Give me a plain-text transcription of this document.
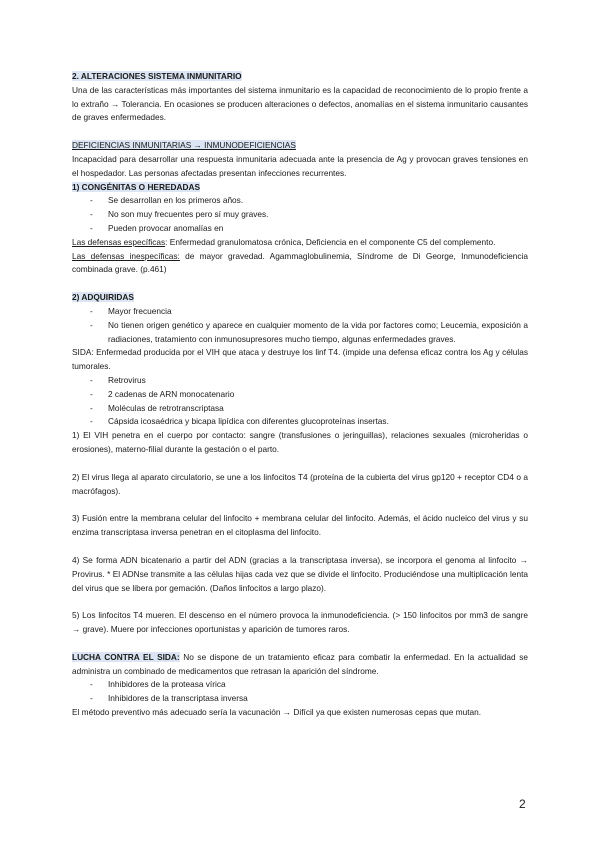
2. ALTERACIONES SISTEMA INMUNITARIO

Una de las características más importantes del sistema inmunitario es la capacidad de reconocimiento de lo propio frente a lo extraño → Tolerancia. En ocasiones se producen alteraciones o defectos, anomalías en el sistema inmunitario causantes de graves enfermedades.

DEFICIENCIAS INMUNITARIAS → INMUNODEFICIENCIAS

Incapacidad para desarrollar una respuesta inmunitaria adecuada ante la presencia de Ag y provocan graves tensiones en el hospedador. Las personas afectadas presentan infecciones recurrentes.

1) CONGÉNITAS O HEREDADAS

- Se desarrollan en los primeros años.
- No son muy frecuentes pero sí muy graves.
- Pueden provocar anomalías en

Las defensas específicas: Enfermedad granulomatosa crónica, Deficiencia en el componente C5 del complemento.

Las defensas inespecíficas: de mayor gravedad. Agammaglobulinemia, Síndrome de Di George, Inmunodeficiencia combinada grave. (p.461)

2) ADQUIRIDAS

- Mayor frecuencia
- No tienen origen genético y aparece en cualquier momento de la vida por factores como; Leucemia, exposición a radiaciones, tratamiento con inmunosupresores mucho tiempo, algunas enfermedades graves.

SIDA: Enfermedad producida por el VIH que ataca y destruye los linf T4. (impide una defensa eficaz contra los Ag y células tumorales.

- Retrovirus
- 2 cadenas de ARN monocatenario
- Moléculas de retrotranscriptasa
- Cápsida icosaédrica y bicapa lipídica con diferentes glucoproteínas insertas.

1) El VIH penetra en el cuerpo por contacto: sangre (transfusiones o jeringuillas), relaciones sexuales (microheridas o erosiones), materno-filial durante la gestación o el parto.

2) El virus llega al aparato circulatorio, se une a los linfocitos T4 (proteína de la cubierta del virus gp120 + receptor CD4 o a macrófagos).

3) Fusión entre la membrana celular del linfocito + membrana celular del linfocito. Además, el ácido nucleico del virus y su enzima transcriptasa inversa penetran en el citoplasma del linfocito.

4) Se forma ADN bicatenario a partir del ADN (gracias a la transcriptasa inversa), se incorpora el genoma al linfocito → Provirus. * El ADNse transmite a las células hijas cada vez que se divide el linfocito. Produciéndose una multiplicación lenta del virus que se libera por gemación. (Daños linfocitos a largo plazo).

5) Los linfocitos T4 mueren. El descenso en el número provoca la inmunodeficiencia. (> 150 linfocitos por mm3 de sangre → grave). Muere por infecciones oportunistas y aparición de tumores raros.

LUCHA CONTRA EL SIDA: No se dispone de un tratamiento eficaz para combatir la enfermedad. En la actualidad se administra un combinado de medicamentos que retrasan la aparición del síndrome.

- Inhibidores de la proteasa vírica
- Inhibidores de la transcriptasa inversa

El método preventivo más adecuado sería la vacunación → Difícil ya que existen numerosas cepas que mutan.

2
